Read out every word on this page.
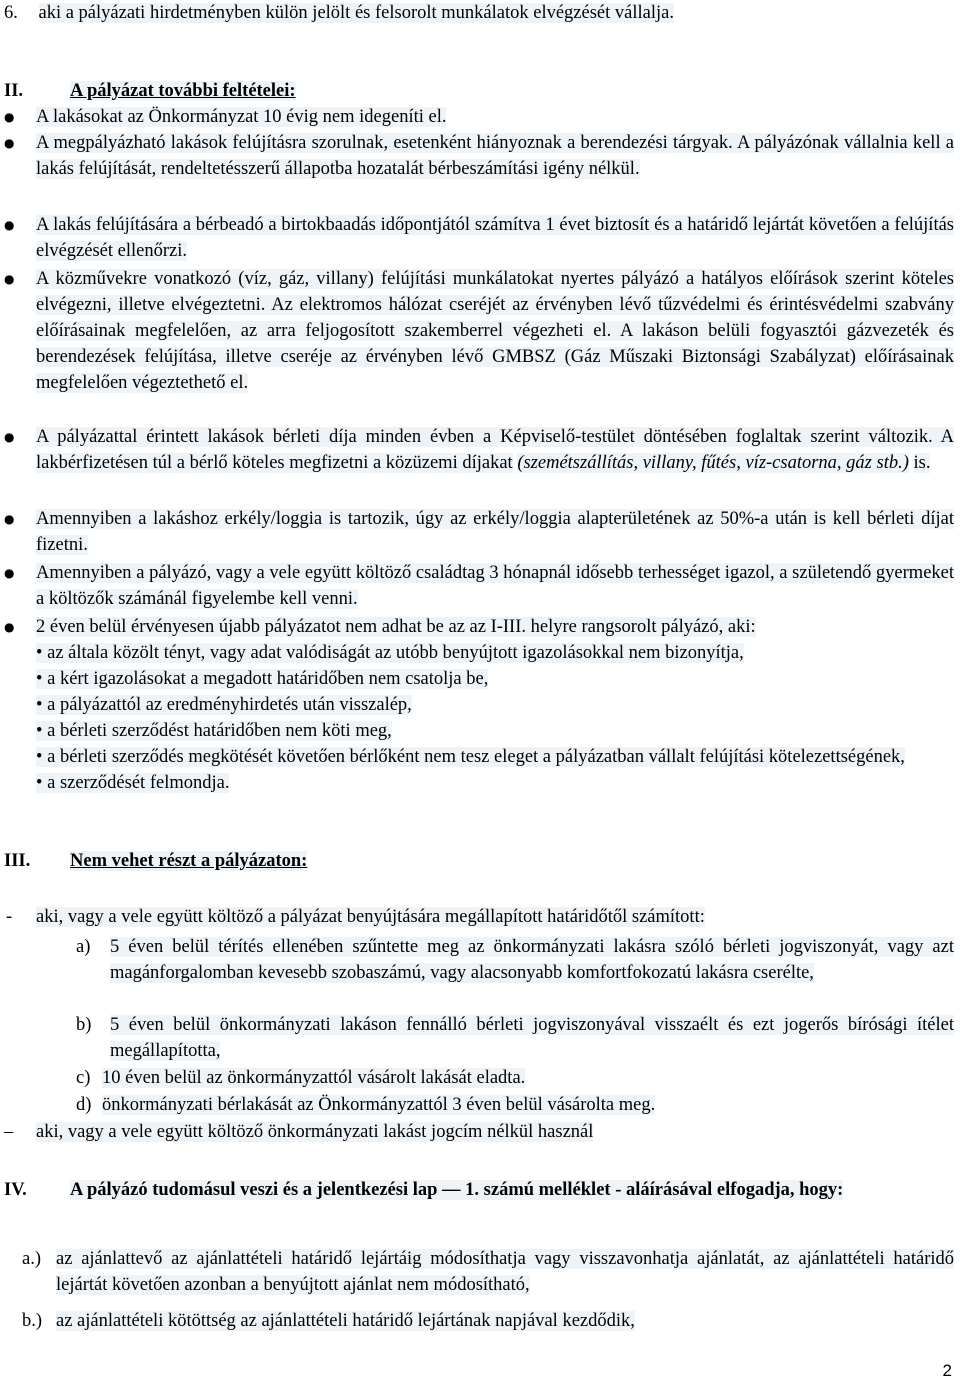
6. aki a pályázati hirdetményben külön jelölt és felsorolt munkálatok elvégzését vállalja.
II.	A pályázat további feltételei:
● A lakásokat az Önkormányzat 10 évig nem idegeníti el.
● A megpályázható lakások felújításra szorulnak, esetenként hiányoznak a berendezési tárgyak. A pályázónak vállalnia kell a lakás felújítását, rendeltetésszerű állapotba hozatalát bérbeszámítási igény nélkül.
● A lakás felújítására a bérbeadó a birtokbaadás időpontjától számítva 1 évet biztosít és a határidő lejártát követően a felújítás elvégzését ellenőrzi.
● A közművekre vonatkozó (víz, gáz, villany) felújítási munkálatokat nyertes pályázó a hatályos előírások szerint köteles elvégezni, illetve elvégeztetni. Az elektromos hálózat cseréjét az érvényben lévő tűzvédelmi és érintésvédelmi szabvány előírásainak megfelelően, az arra feljogosított szakemberrel végezheti el. A lakáson belüli fogyasztói gázvezeték és berendezések felújítása, illetve cseréje az érvényben lévő GMBSZ (Gáz Műszaki Biztonsági Szabályzat) előírásainak megfelelően végeztethető el.
● A pályázattal érintett lakások bérleti díja minden évben a Képviselő-testület döntésében foglaltak szerint változik. A lakbérfizetésen túl a bérlő köteles megfizetni a közüzemi díjakat (szemétszállítás, villany, fűtés, víz-csatorna, gáz stb.) is.
● Amennyiben a lakáshoz erkély/loggia is tartozik, úgy az erkély/loggia alapterületének az 50%-a után is kell bérleti díjat fizetni.
● Amennyiben a pályázó, vagy a vele együtt költöző családtag 3 hónapnál idősebb terhességet igazol, a születendő gyermeket a költözők számánál figyelembe kell venni.
● 2 éven belül érvényesen újabb pályázatot nem adhat be az az I-III. helyre rangsorolt pályázó, aki:
• az általa közölt tényt, vagy adat valódiságát az utóbb benyújtott igazolásokkal nem bizonyítja,
• a kért igazolásokat a megadott határidőben nem csatolja be,
• a pályázattól az eredményhirdetés után visszalép,
• a bérleti szerződést határidőben nem köti meg,
• a bérleti szerződés megkötését követően bérlőként nem tesz eleget a pályázatban vállalt felújítási kötelezettségének,
• a szerződését felmondja.
III. Nem vehet részt a pályázaton:
- aki, vagy a vele együtt költöző a pályázat benyújtására megállapított határidőtől számított:
a) 5 éven belül térítés ellenében szűntette meg az önkormányzati lakásra szóló bérleti jogviszonyát, vagy azt magánforgalomban kevesebb szobaszámú, vagy alacsonyabb komfortfokozatú lakásra cserélte,
b) 5 éven belül önkormányzati lakáson fennálló bérleti jogviszonyával visszaélt és ezt jogerős bírósági ítélet megállapította,
c) 10 éven belül az önkormányzattól vásárolt lakását eladta.
d) önkormányzati bérlakását az Önkormányzattól 3 éven belül vásárolta meg.
– aki, vagy a vele együtt költöző önkormányzati lakást jogcím nélkül használ
IV. A pályázó tudomásul veszi és a jelentkezési lap — 1. számú melléklet - aláírásával elfogadja, hogy:
a.) az ajánlattevő az ajánlattételi határidő lejártáig módosíthatja vagy visszavonhatja ajánlatát, az ajánlattételi határidő lejártát követően azonban a benyújtott ajánlat nem módosítható,
b.) az ajánlattételi kötöttség az ajánlattételi határidő lejártának napjával kezdődik,
2
